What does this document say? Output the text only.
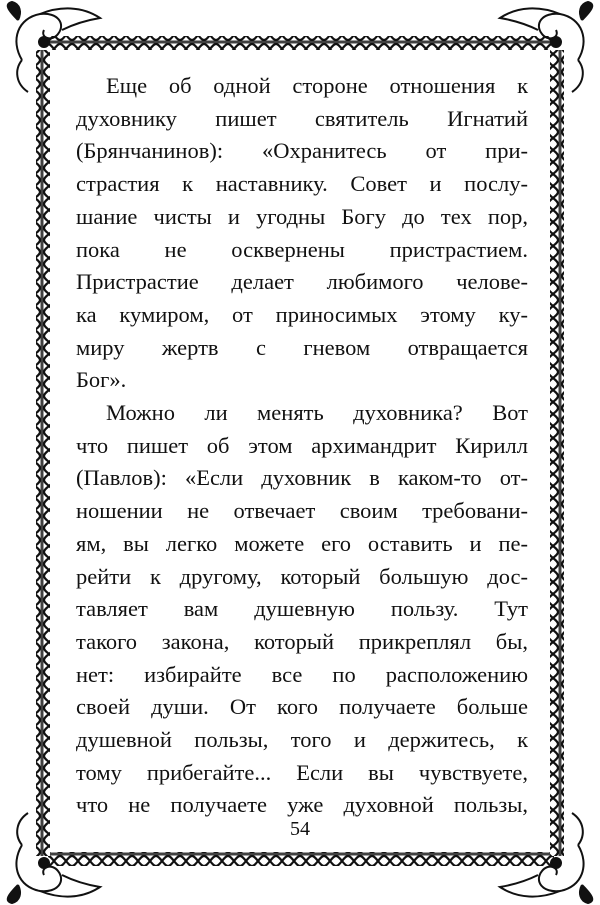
Еще об одной стороне отношения к
духовнику пишет святитель Игнатий
(Брянчанинов): «Охранитесь от при-
страстия к наставнику. Совет и послу-
шание чисты и угодны Богу до тех пор,
пока не осквернены пристрастием.
Пристрастие делает любимого челове-
ка кумиром, от приносимых этому ку-
миру жертв с гневом отвращается
Бог».

Можно ли менять духовника? Вот
что пишет об этом архимандрит Кирилл
(Павлов): «Если духовник в каком-то от-
ношении не отвечает своим требовани-
ям, вы легко можете его оставить и пе-
рейти к другому, который большую дос-
тавляет вам душевную пользу. Тут
такого закона, который прикреплял бы,
нет: избирайте все по расположению
своей души. От кого получаете больше
душевной пользы, того и держитесь, к
тому прибегайте... Если вы чувствуете,
что не получаете уже духовной пользы,

54
